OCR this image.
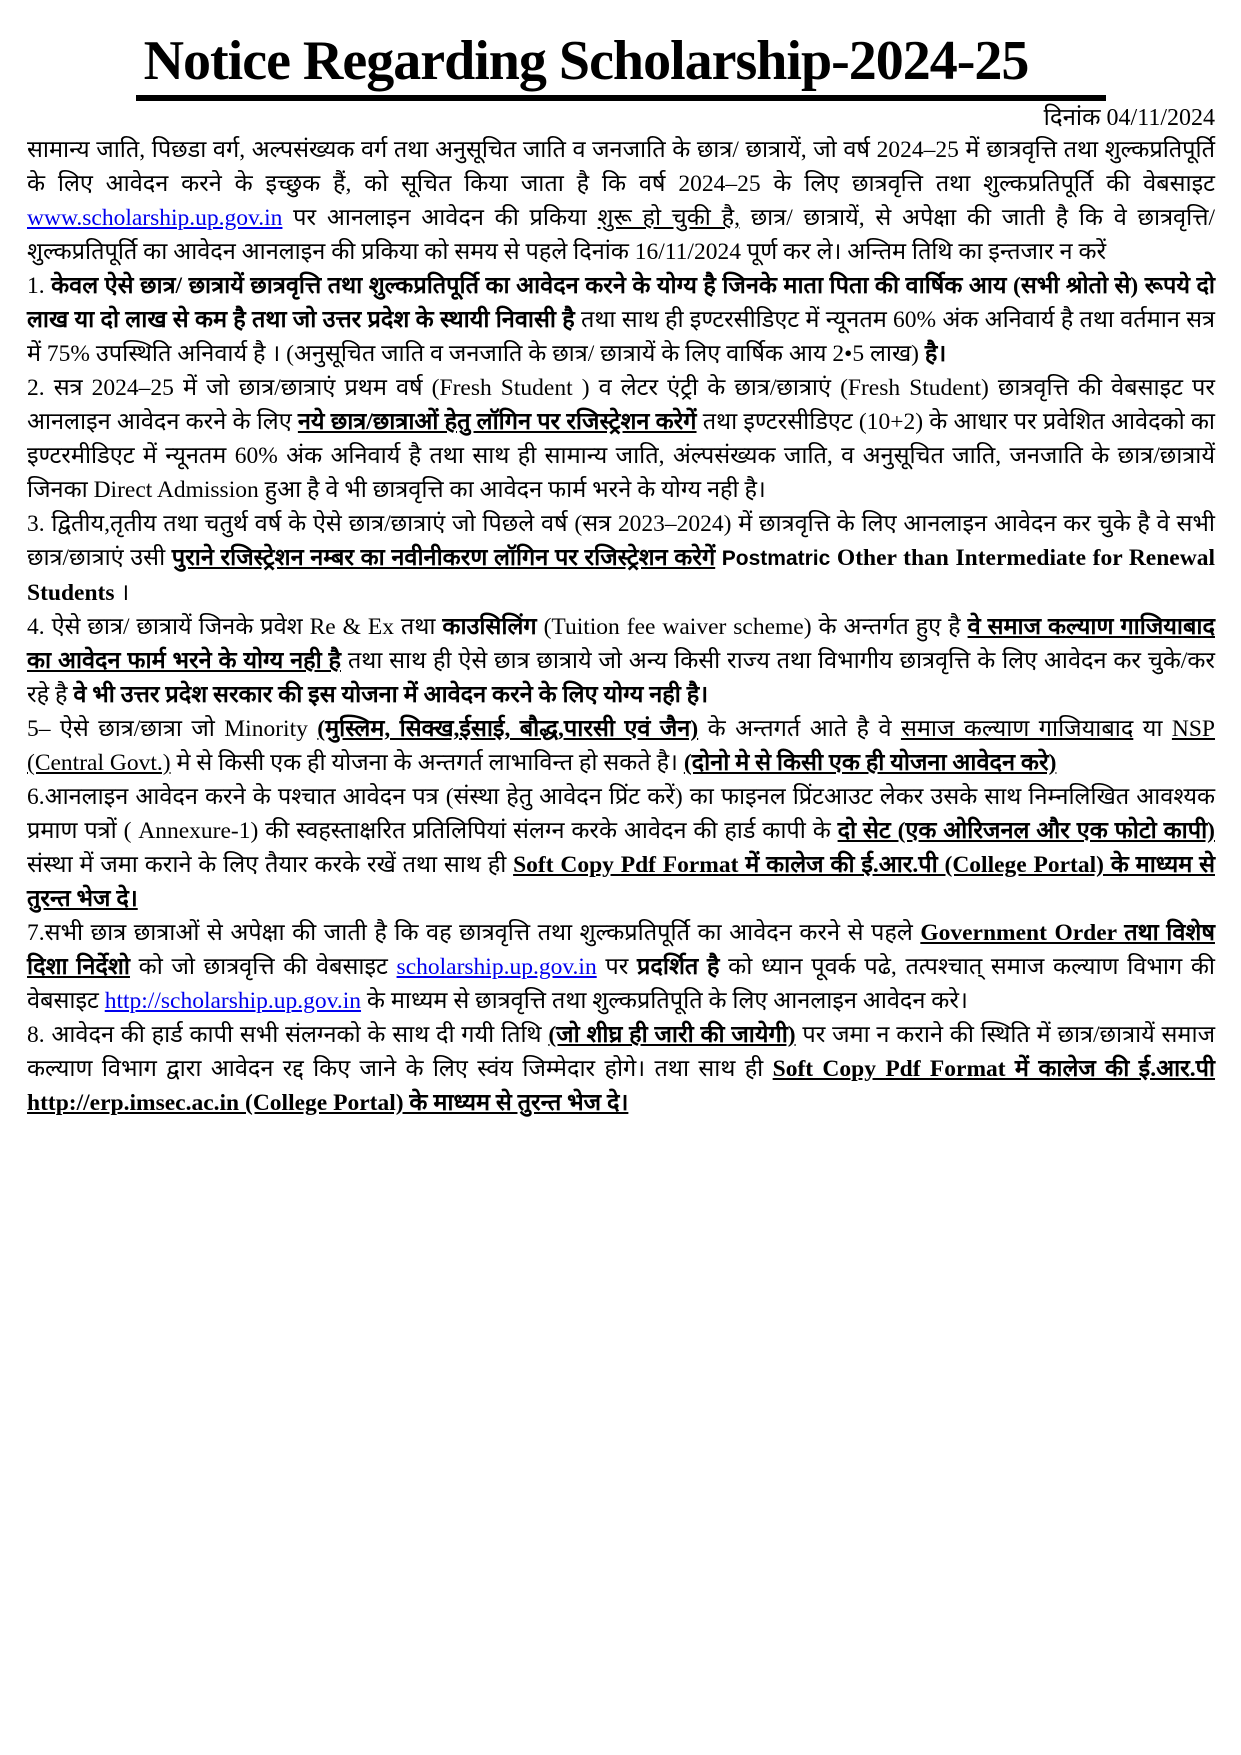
Notice Regarding Scholarship-2024-25
दिनांक 04/11/2024

सामान्य जाति, पिछडा वर्ग, अल्पसंख्यक वर्ग तथा अनुसूचित जाति व जनजाति के छात्र/ छात्रायें, जो वर्ष 2024–25 में छात्रवृत्ति तथा शुल्कप्रतिपूर्ति के लिए आवेदन करने के इच्छुक हैं, को सूचित किया जाता है कि वर्ष 2024–25 के लिए छात्रवृत्ति तथा शुल्कप्रतिपूर्ति की वेबसाइट www.scholarship.up.gov.in पर आनलाइन आवेदन की प्रकिया शुरू हो चुकी है, छात्र/ छात्रायें, से अपेक्षा की जाती है कि वे छात्रवृत्ति/शुल्कप्रतिपूर्ति का आवेदन आनलाइन की प्रकिया को समय से पहले दिनांक 16/11/2024 पूर्ण कर ले। अन्तिम तिथि का इन्तजार न करें

1. केवल ऐसे छात्र/ छात्रायें छात्रवृत्ति तथा शुल्कप्रतिपूर्ति का आवेदन करने के योग्य है जिनके माता पिता की वार्षिक आय (सभी श्रोतो से) रूपये दो लाख या दो लाख से कम है तथा जो उत्तर प्रदेश के स्थायी निवासी है तथा साथ ही इण्टरसीडिएट में न्यूनतम 60% अंक अनिवार्य है तथा वर्तमान सत्र में 75% उपस्थिति अनिवार्य है । (अनुसूचित जाति व जनजाति के छात्र/ छात्रायें के लिए वार्षिक आय 2•5 लाख) है।

2. सत्र 2024–25 में जो छात्र/छात्राएं प्रथम वर्ष (Fresh Student ) व लेटर एंट्री के छात्र/छात्राएं (Fresh Student) छात्रवृत्ति की वेबसाइट पर आनलाइन आवेदन करने के लिए नये छात्र/छात्राओं हेतु लॉगिन पर रजिस्ट्रेशन करेगें तथा इण्टरसीडिएट (10+2) के आधार पर प्रवेशित आवेदको का इण्टरमीडिएट में न्यूनतम 60% अंक अनिवार्य है तथा साथ ही सामान्य जाति, अंल्पसंख्यक जाति, व अनुसूचित जाति, जनजाति के छात्र/छात्रायें जिनका Direct Admission हुआ है वे भी छात्रवृत्ति का आवेदन फार्म भरने के योग्य नही है।

3. द्वितीय,तृतीय तथा चतुर्थ वर्ष के ऐसे छात्र/छात्राएं जो पिछले वर्ष (सत्र 2023–2024) में छात्रवृत्ति के लिए आनलाइन आवेदन कर चुके है वे सभी छात्र/छात्राएं उसी पुराने रजिस्ट्रेशन नम्बर का नवीनीकरण लॉगिन पर रजिस्ट्रेशन करेगें Postmatric Other than Intermediate for Renewal Students ।

4. ऐसे छात्र/ छात्रायें जिनके प्रवेश Re & Ex तथा काउसिलिंग (Tuition fee waiver scheme) के अन्तर्गत हुए है वे समाज कल्याण गाजियाबाद का आवेदन फार्म भरने के योग्य नही है तथा साथ ही ऐसे छात्र छात्राये जो अन्य किसी राज्य तथा विभागीय छात्रवृत्ति के लिए आवेदन कर चुके/कर रहे है वे भी उत्तर प्रदेश सरकार की इस योजना में आवेदन करने के लिए योग्य नही है।

5– ऐसे छात्र/छात्रा जो Minority (मुस्लिम, सिक्ख,ईसाई, बौद्ध,पारसी एवं जैन) के अन्तगर्त आते है वे समाज कल्याण गाजियाबाद या NSP (Central Govt.) मे से किसी एक ही योजना के अन्तगर्त लाभाविन्त हो सकते है। (दोनो मे से किसी एक ही योजना आवेदन करे)

6.आनलाइन आवेदन करने के पश्चात आवेदन पत्र (संस्था हेतु आवेदन प्रिंट करें) का फाइनल प्रिंटआउट लेकर उसके साथ निम्नलिखित आवश्यक प्रमाण पत्रों ( Annexure-1) की स्वहस्ताक्षरित प्रतिलिपियां संलग्न करके आवेदन की हार्ड कापी के दो सेट (एक ओरिजनल और एक फोटो कापी) संस्था में जमा कराने के लिए तैयार करके रखें तथा साथ ही Soft Copy Pdf Format में कालेज की ई.आर.पी (College Portal) के माध्यम से तुरन्त भेज दे।

7.सभी छात्र छात्राओं से अपेक्षा की जाती है कि वह छात्रवृत्ति तथा शुल्कप्रतिपूर्ति का आवेदन करने से पहले Government Order तथा विशेष दिशा निर्देशो को जो छात्रवृत्ति की वेबसाइट scholarship.up.gov.in पर प्रदर्शित है को ध्यान पूवर्क पढे, तत्पश्चात् समाज कल्याण विभाग की वेबसाइट http://scholarship.up.gov.in के माध्यम से छात्रवृत्ति तथा शुल्कप्रतिपूति के लिए आनलाइन आवेदन करे।

8. आवेदन की हार्ड कापी सभी संलग्नको के साथ दी गयी तिथि (जो शीघ्र ही जारी की जायेगी) पर जमा न कराने की स्थिति में छात्र/छात्रायें समाज कल्याण विभाग द्वारा आवेदन रद्द किए जाने के लिए स्वंय जिम्मेदार होगे। तथा साथ ही Soft Copy Pdf Format में कालेज की ई.आर.पी http://erp.imsec.ac.in (College Portal) के माध्यम से तुरन्त भेज दे।
